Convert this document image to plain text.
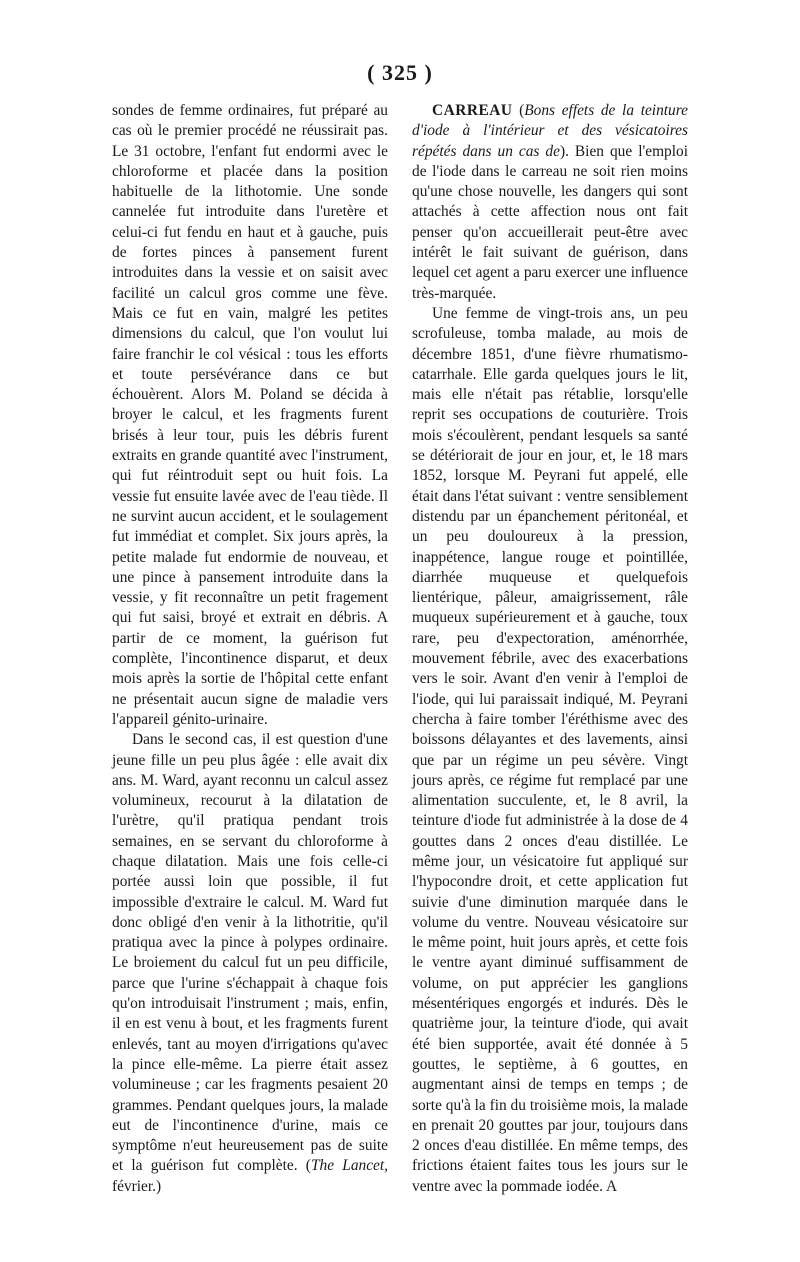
( 325 )

sondes de femme ordinaires, fut préparé au cas où le premier procédé ne réussirait pas. Le 31 octobre, l'enfant fut endormi avec le chloroforme et placée dans la position habituelle de la lithotomie. Une sonde cannelée fut introduite dans l'uretère et celui-ci fut fendu en haut et à gauche, puis de fortes pinces à pansement furent introduites dans la vessie et on saisit avec facilité un calcul gros comme une fève. Mais ce fut en vain, malgré les petites dimensions du calcul, que l'on voulut lui faire franchir le col vésical : tous les efforts et toute persévérance dans ce but échouèrent. Alors M. Poland se décida à broyer le calcul, et les fragments furent brisés à leur tour, puis les débris furent extraits en grande quantité avec l'instrument, qui fut réintroduit sept ou huit fois. La vessie fut ensuite lavée avec de l'eau tiède. Il ne survint aucun accident, et le soulagement fut immédiat et complet. Six jours après, la petite malade fut endormie de nouveau, et une pince à pansement introduite dans la vessie, y fit reconnaître un petit fragement qui fut saisi, broyé et extrait en débris. A partir de ce moment, la guérison fut complète, l'incontinence disparut, et deux mois après la sortie de l'hôpital cette enfant ne présentait aucun signe de maladie vers l'appareil génito-urinaire.

Dans le second cas, il est question d'une jeune fille un peu plus âgée : elle avait dix ans. M. Ward, ayant reconnu un calcul assez volumineux, recourut à la dilatation de l'urètre, qu'il pratiqua pendant trois semaines, en se servant du chloroforme à chaque dilatation. Mais une fois celle-ci portée aussi loin que possible, il fut impossible d'extraire le calcul. M. Ward fut donc obligé d'en venir à la lithotritie, qu'il pratiqua avec la pince à polypes ordinaire. Le broiement du calcul fut un peu difficile, parce que l'urine s'échappait à chaque fois qu'on introduisait l'instrument ; mais, enfin, il en est venu à bout, et les fragments furent enlevés, tant au moyen d'irrigations qu'avec la pince elle-même. La pierre était assez volumineuse ; car les fragments pesaient 20 grammes. Pendant quelques jours, la malade eut de l'incontinence d'urine, mais ce symptôme n'eut heureusement pas de suite et la guérison fut complète. (The Lancet, février.)

CARREAU (Bons effets de la teinture d'iode à l'intérieur et des vésicatoires répétés dans un cas de). Bien que l'emploi de l'iode dans le carreau ne soit rien moins qu'une chose nouvelle, les dangers qui sont attachés à cette affection nous ont fait penser qu'on accueillerait peut-être avec intérêt le fait suivant de guérison, dans lequel cet agent a paru exercer une influence très-marquée.

Une femme de vingt-trois ans, un peu scrofuleuse, tomba malade, au mois de décembre 1851, d'une fièvre rhumatismo-catarrhale. Elle garda quelques jours le lit, mais elle n'était pas rétablie, lorsqu'elle reprit ses occupations de couturière. Trois mois s'écoulèrent, pendant lesquels sa santé se détériorait de jour en jour, et, le 18 mars 1852, lorsque M. Peyrani fut appelé, elle était dans l'état suivant : ventre sensiblement distendu par un épanchement péritonéal, et un peu douloureux à la pression, inappétence, langue rouge et pointillée, diarrhée muqueuse et quelquefois lientérique, pâleur, amaigrissement, râle muqueux supérieurement et à gauche, toux rare, peu d'expectoration, aménorrhée, mouvement fébrile, avec des exacerbations vers le soir. Avant d'en venir à l'emploi de l'iode, qui lui paraissait indiqué, M. Peyrani chercha à faire tomber l'éréthisme avec des boissons délayantes et des lavements, ainsi que par un régime un peu sévère. Vingt jours après, ce régime fut remplacé par une alimentation succulente, et, le 8 avril, la teinture d'iode fut administrée à la dose de 4 gouttes dans 2 onces d'eau distillée. Le même jour, un vésicatoire fut appliqué sur l'hypocondre droit, et cette application fut suivie d'une diminution marquée dans le volume du ventre. Nouveau vésicatoire sur le même point, huit jours après, et cette fois le ventre ayant diminué suffisamment de volume, on put apprécier les ganglions mésentériques engorgés et indurés. Dès le quatrième jour, la teinture d'iode, qui avait été bien supportée, avait été donnée à 5 gouttes, le septième, à 6 gouttes, en augmentant ainsi de temps en temps ; de sorte qu'à la fin du troisième mois, la malade en prenait 20 gouttes par jour, toujours dans 2 onces d'eau distillée. En même temps, des frictions étaient faites tous les jours sur le ventre avec la pommade iodée. A
